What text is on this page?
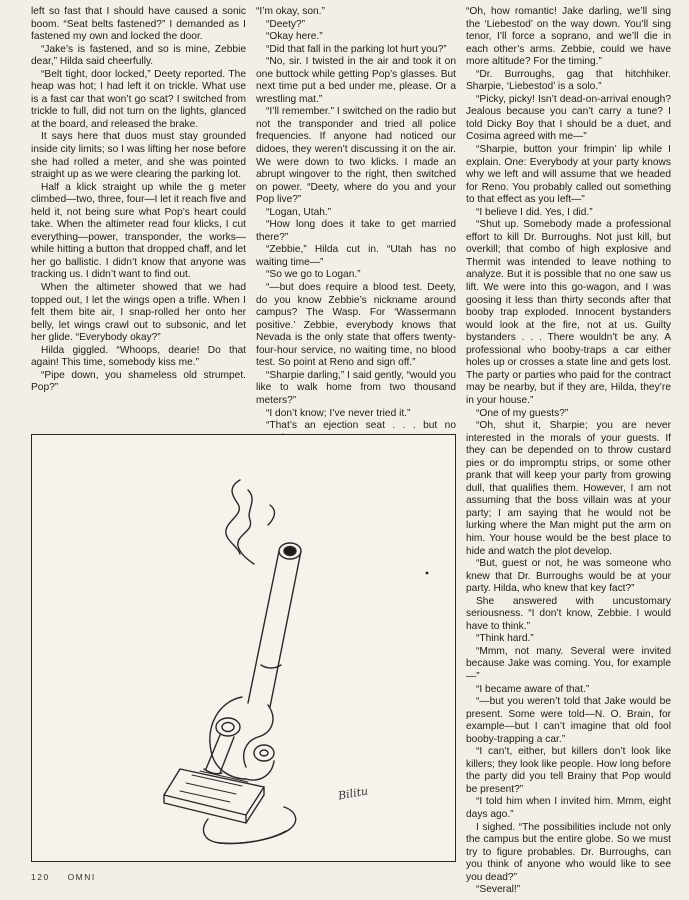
left so fast that I should have caused a sonic boom. “Seat belts fastened?” I demanded as I fastened my own and locked the door.

“Jake’s is fastened, and so is mine, Zebbie dear,” Hilda said cheerfully.

“Belt tight, door locked,” Deety reported. The heap was hot; I had left it on trickle. What use is a fast car that won’t go scat? I switched from trickle to full, did not turn on the lights, glanced at the board, and released the brake.

It says here that duos must stay grounded inside city limits; so I was lifting her nose before she had rolled a meter, and she was pointed straight up as we were clearing the parking lot.

Half a klick straight up while the g meter climbed—two, three, four—I let it reach five and held it, not being sure what Pop’s heart could take. When the altimeter read four klicks, I cut everything—power, transponder, the works—while hitting a button that dropped chaff, and let her go ballistic. I didn’t know that anyone was tracking us. I didn’t want to find out.

When the altimeter showed that we had topped out, I let the wings open a trifle. When I felt them bite air, I snap-rolled her onto her belly, let wings crawl out to subsonic, and let her glide. “Everybody okay?”

Hilda giggled. “Whoops, dearie! Do that again! This time, somebody kiss me.”

“Pipe down, you shameless old strumpet. Pop?”

“I’m okay, son.”

“Deety?”

“Okay here.”

“Did that fall in the parking lot hurt you?”

“No, sir. I twisted in the air and took it on one buttock while getting Pop’s glasses. But next time put a bed under me, please. Or a wrestling mat.”

“I’ll remember.” I switched on the radio but not the transponder and tried all police frequencies. If anyone had noticed our didoes, they weren’t discussing it on the air. We were down to two klicks. I made an abrupt wingover to the right, then switched on power. “Deety, where do you and your Pop live?”

“Logan, Utah.”

“How long does it take to get married there?”

“Zebbie,” Hilda cut in. “Utah has no waiting time—”

“So we go to Logan.”

“—but does require a blood test. Deety, do you know Zebbie’s nickname around campus? The Wasp. For ‘Wassermann positive.’ Zebbie, everybody knows that Nevada is the only state that offers twenty-four-hour service, no waiting time, no blood test. So point at Reno and sign off.”

“Sharpie darling,” I said gently, “would you like to walk home from two thousand meters?”

“I don’t know; I’ve never tried it.”

“That’s an ejection seat . . . but no

“Oh, how romantic! Jake darling, we’ll sing the ‘Liebestod’ on the way down. You’ll sing tenor, I’ll force a soprano, and we’ll die in each other’s arms. Zebbie, could we have more altitude? For the timing.”

“Dr. Burroughs, gag that hitchhiker. Sharpie, ‘Liebestod’ is a solo.”

“Picky, picky! Isn’t dead-on-arrival enough? Jealous because you can’t carry a tune? I told Dicky Boy that I should be a duet, and Cosima agreed with me—”

“Sharpie, button your frimpin’ lip while I explain. One: Everybody at your party knows why we left and will assume that we headed for Reno. You probably called out something to that effect as you left—”

“I believe I did. Yes, I did.”

“Shut up. Somebody made a professional effort to kill Dr. Burroughs. Not just kill, but overkill; that combo of high explosive and Thermit was intended to leave nothing to analyze. But it is possible that no one saw us lift. We were into this go-wagon, and I was goosing it less than thirty seconds after that booby trap exploded. Innocent bystanders would look at the fire, not at us. Guilty bystanders . . . There wouldn’t be any. A professional who booby-traps a car either holes up or crosses a state line and gets lost. The party or parties who paid for the contract may be nearby, but if they are, Hilda, they’re in your house.”

“One of my guests?”

“Oh, shut it, Sharpie; you are never interested in the morals of your guests. If they can be depended on to throw custard pies or do impromptu strips, or some other prank that will keep your party from growing dull, that qualifies them. However, I am not assuming that the boss villain was at your party; I am saying that he would not be lurking where the Man might put the arm on him. Your house would be the best place to hide and watch the plot develop.

“But, guest or not, he was someone who knew that Dr. Burroughs would be at your party. Hilda, who knew that key fact?”

She answered with uncustomary seriousness. “I don’t know, Zebbie. I would have to think.”

“Think hard.”

“Mmm, not many. Several were invited because Jake was coming. You, for example—”

“I became aware of that.”

“—but you weren’t told that Jake would be present. Some were told—N. O. Brain, for example—but I can’t imagine that old fool booby-trapping a car.”

“I can’t, either, but killers don’t look like killers; they look like people. How long before the party did you tell Brainy that Pop would be present?”

“I told him when I invited him. Mmm, eight days ago.”

I sighed. “The possibilities include not only the campus but the entire globe. So we must try to figure probables. Dr. Burroughs, can you think of anyone who would like to see you dead?”

“Several!”

Bilitu
120 OMNI
